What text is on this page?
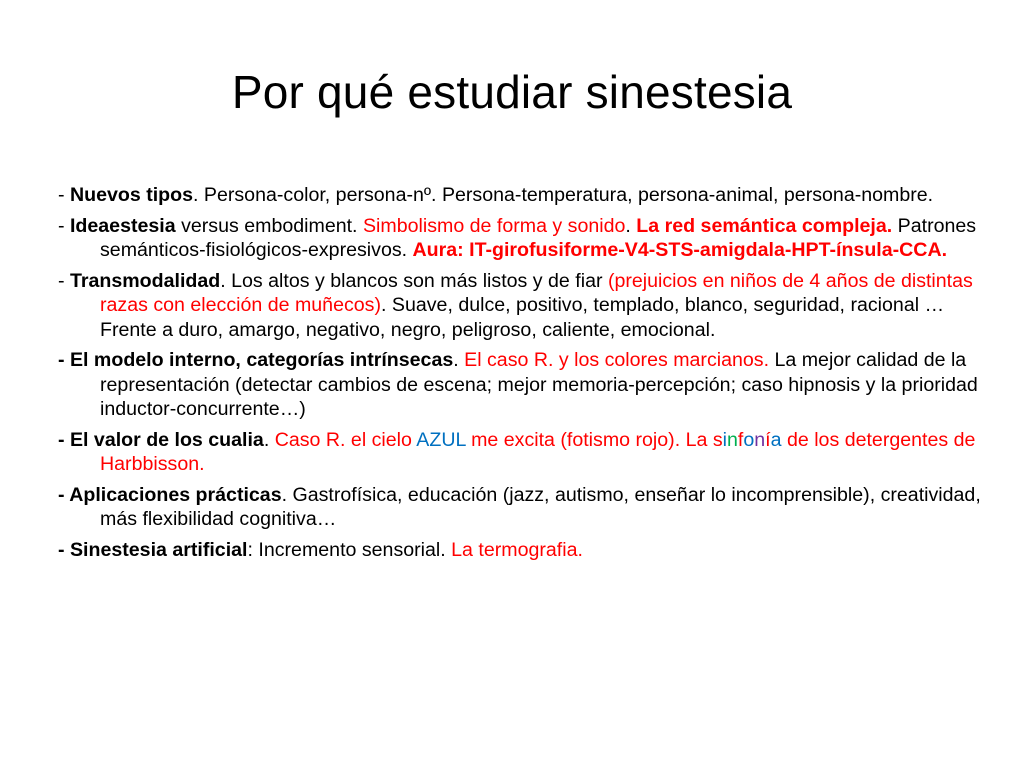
Por qué estudiar sinestesia

- Nuevos tipos. Persona-color, persona-nº. Persona-temperatura, persona-animal, persona-nombre.

- Ideaestesia versus embodiment. Simbolismo de forma y sonido. La red semántica compleja. Patrones semánticos-fisiológicos-expresivos. Aura: IT-girofusiforme-V4-STS-amigdala-HPT-ínsula-CCA.

- Transmodalidad. Los altos y blancos son más listos y de fiar (prejuicios en niños de 4 años de distintas razas con elección de muñecos). Suave, dulce, positivo, templado, blanco, seguridad, racional …Frente a duro, amargo, negativo, negro, peligroso, caliente, emocional.

- El modelo interno, categorías intrínsecas. El caso R. y los colores marcianos. La mejor calidad de la representación (detectar cambios de escena; mejor memoria-percepción; caso hipnosis y la prioridad inductor-concurrente…)

- El valor de los cualia. Caso R. el cielo AZUL me excita (fotismo rojo). La sinfonía de los detergentes de Harbbisson.

- Aplicaciones prácticas. Gastrofísica, educación (jazz, autismo, enseñar lo incomprensible), creatividad, más flexibilidad cognitiva…

- Sinestesia artificial: Incremento sensorial. La termografia.
